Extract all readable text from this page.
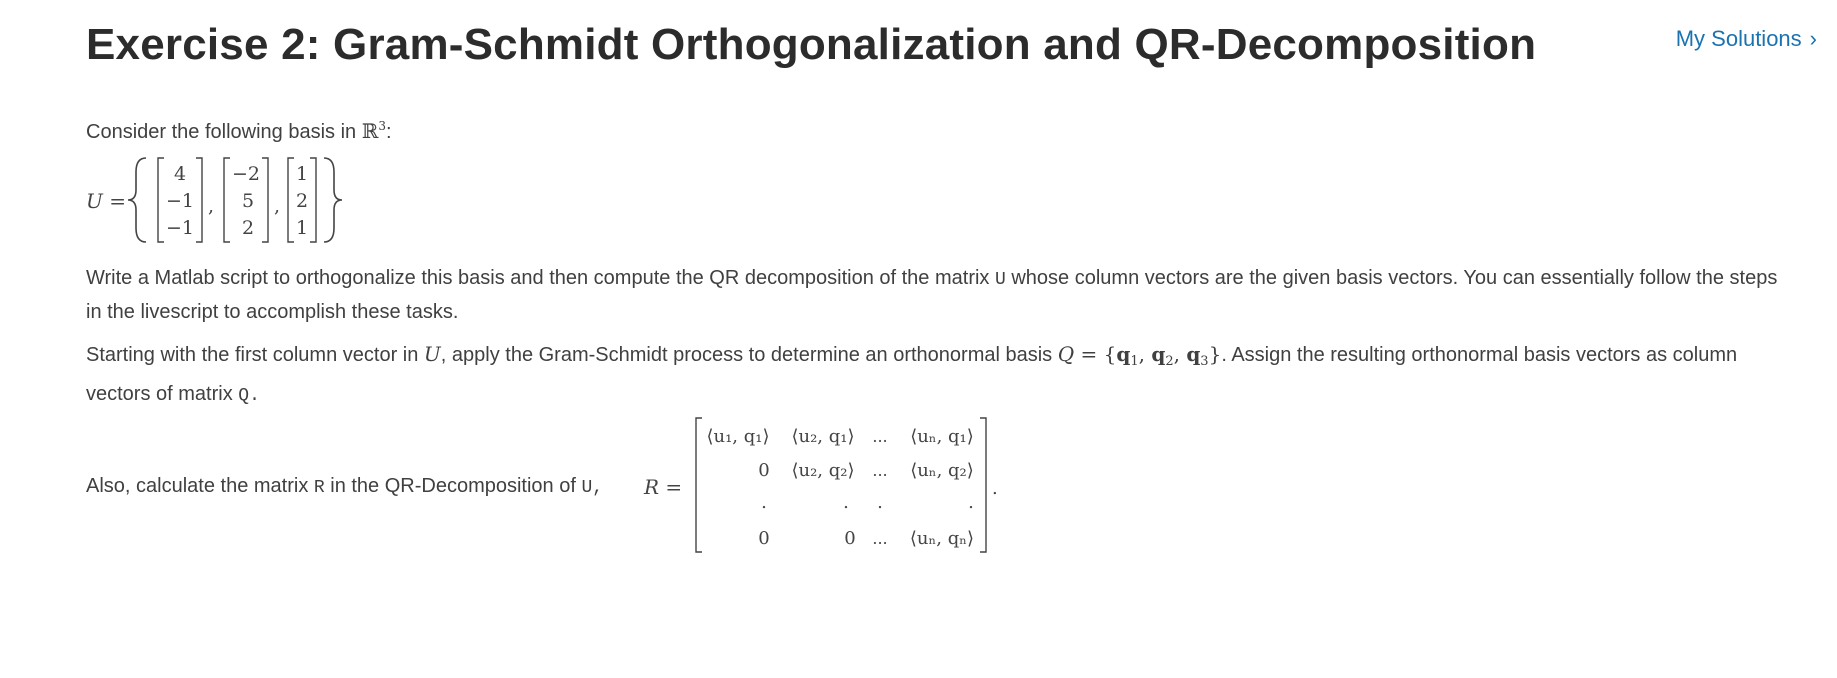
Exercise 2: Gram-Schmidt Orthogonalization and QR-Decomposition	My Solutions ›

Consider the following basis in ℝ$^3$:

U =
4
−1
−1
,
−2
5
2
,
1
2
1

Write a Matlab script to orthogonalize this basis and then compute the QR decomposition of the matrix U whose column vectors are the given basis vectors. You can essentially follow the steps in the livescript to accomplish these tasks.

Starting with the first column vector in U, apply the Gram-Schmidt process to determine an orthonormal basis $Q = \{q_1$, $q_2$, $q_3$}. Assign the resulting orthonormal basis vectors as column vectors of matrix Q.

Also, calculate the matrix R in the QR-Decomposition of U, R =
⟨u₁, q₁⟩ ⟨u₂, q₁⟩ ... ⟨uₙ, q₁⟩
0 ⟨u₂, q₂⟩ ... ⟨uₙ, q₂⟩
.	. .	.
0	0 ... ⟨uₙ, qₙ⟩
.
